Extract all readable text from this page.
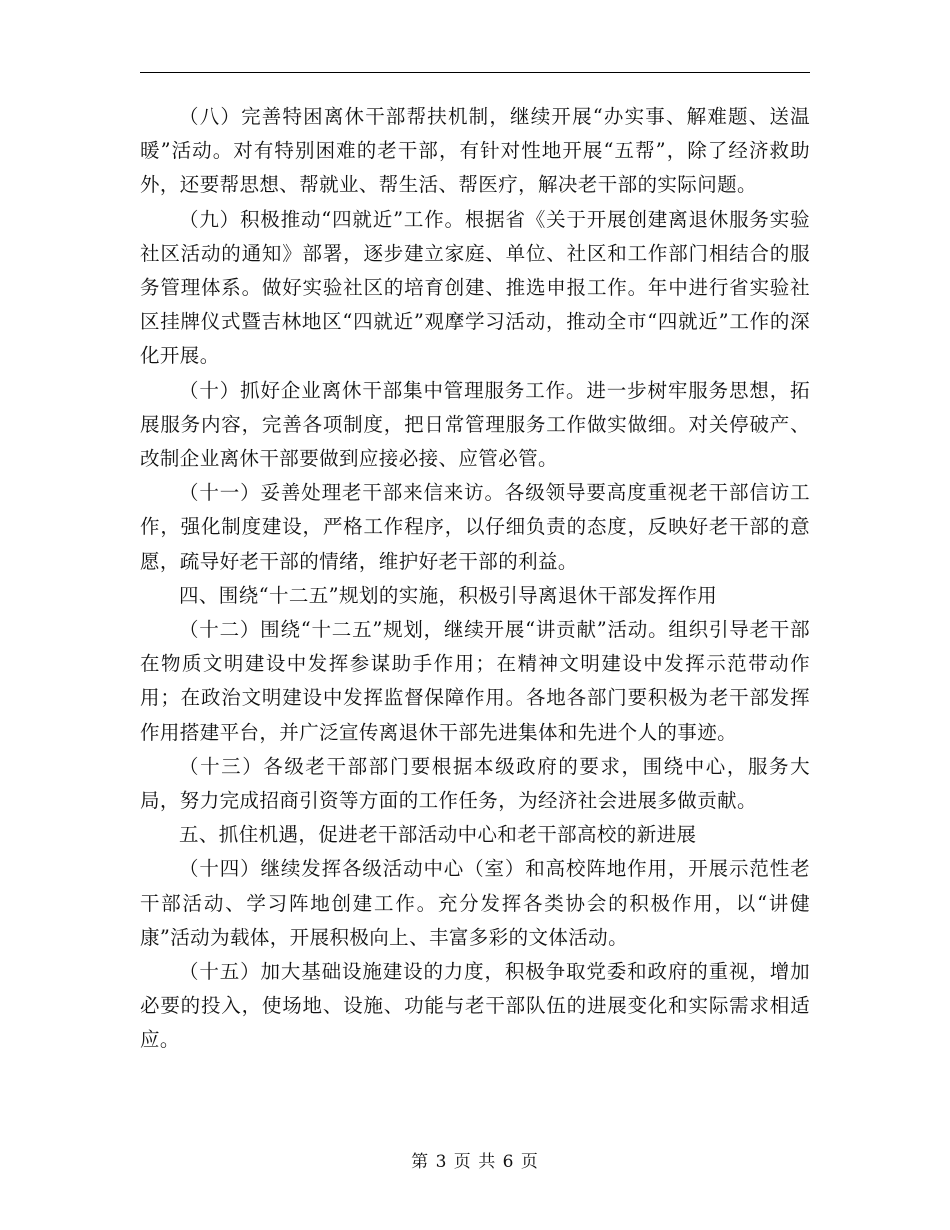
（八）完善特困离休干部帮扶机制，继续开展“办实事、解难题、送温暖”活动。对有特别困难的老干部，有针对性地开展“五帮”，除了经济救助外，还要帮思想、帮就业、帮生活、帮医疗，解决老干部的实际问题。

（九）积极推动“四就近”工作。根据省《关于开展创建离退休服务实验社区活动的通知》部署，逐步建立家庭、单位、社区和工作部门相结合的服务管理体系。做好实验社区的培育创建、推选申报工作。年中进行省实验社区挂牌仪式暨吉林地区“四就近”观摩学习活动，推动全市“四就近”工作的深化开展。

（十）抓好企业离休干部集中管理服务工作。进一步树牢服务思想，拓展服务内容，完善各项制度，把日常管理服务工作做实做细。对关停破产、改制企业离休干部要做到应接必接、应管必管。

（十一）妥善处理老干部来信来访。各级领导要高度重视老干部信访工作，强化制度建设，严格工作程序，以仔细负责的态度，反映好老干部的意愿，疏导好老干部的情绪，维护好老干部的利益。

四、围绕“十二五”规划的实施，积极引导离退休干部发挥作用

（十二）围绕“十二五”规划，继续开展“讲贡献”活动。组织引导老干部在物质文明建设中发挥参谋助手作用；在精神文明建设中发挥示范带动作用；在政治文明建设中发挥监督保障作用。各地各部门要积极为老干部发挥作用搭建平台，并广泛宣传离退休干部先进集体和先进个人的事迹。

（十三）各级老干部部门要根据本级政府的要求，围绕中心，服务大局，努力完成招商引资等方面的工作任务，为经济社会进展多做贡献。

五、抓住机遇，促进老干部活动中心和老干部高校的新进展

（十四）继续发挥各级活动中心（室）和高校阵地作用，开展示范性老干部活动、学习阵地创建工作。充分发挥各类协会的积极作用，以“讲健康”活动为载体，开展积极向上、丰富多彩的文体活动。

（十五）加大基础设施建设的力度，积极争取党委和政府的重视，增加必要的投入，使场地、设施、功能与老干部队伍的进展变化和实际需求相适应。

第 3 页 共 6 页
